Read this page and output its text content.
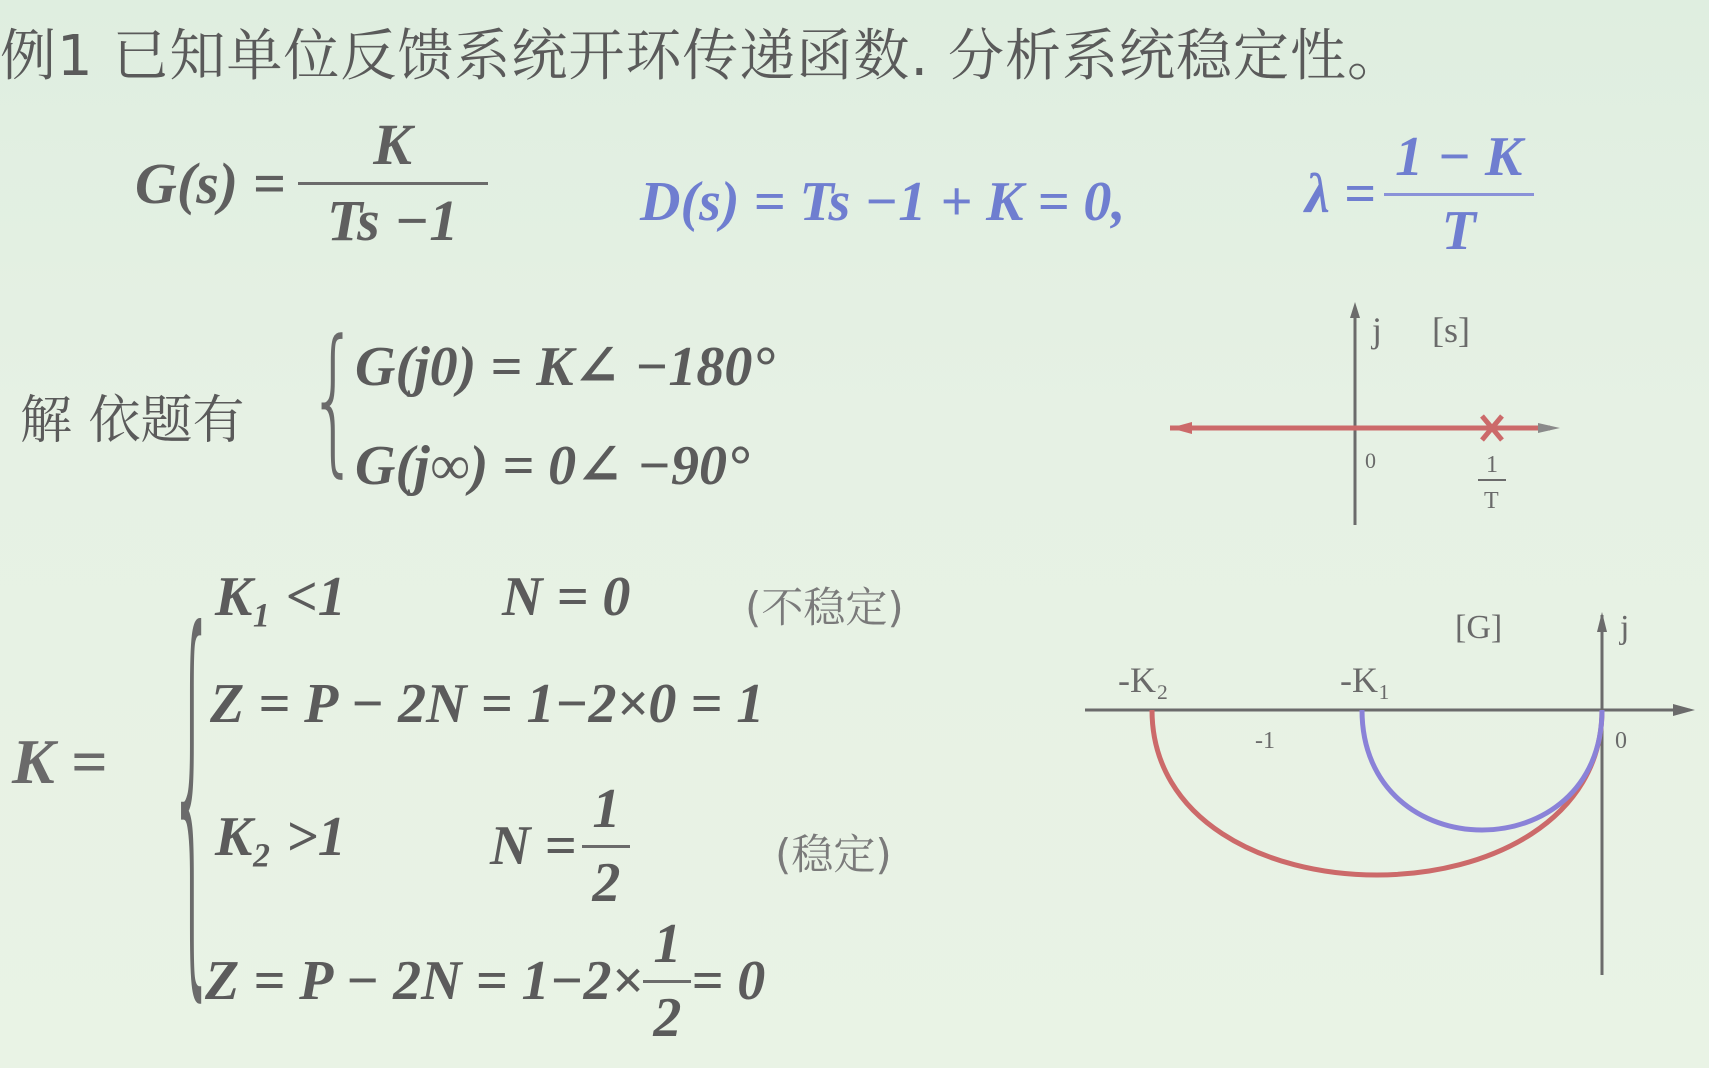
例1 已知单位反馈系统开环传递函数. 分析系统稳定性。
$G(s) = \frac{K}{Ts -1}$	D(s) = Ts −1 + K = 0,	$\lambda = \frac{1 - K}{T}$
解 依题有 {
G(j0) = K∠ −180°
G(j∞) = 0∠ −90°
K = {
K₁ <1	N = 0	(不稳定)
Z = P − 2N = 1−2×0 = 1
K₂ >1	$N = \frac{1}{2}$	(稳定)
$Z = P - 2N = 1-2\times \frac{1}{2} = 0$
j [s]
0	1
T
[G]	j
-K₂	-K₁
-1	0
